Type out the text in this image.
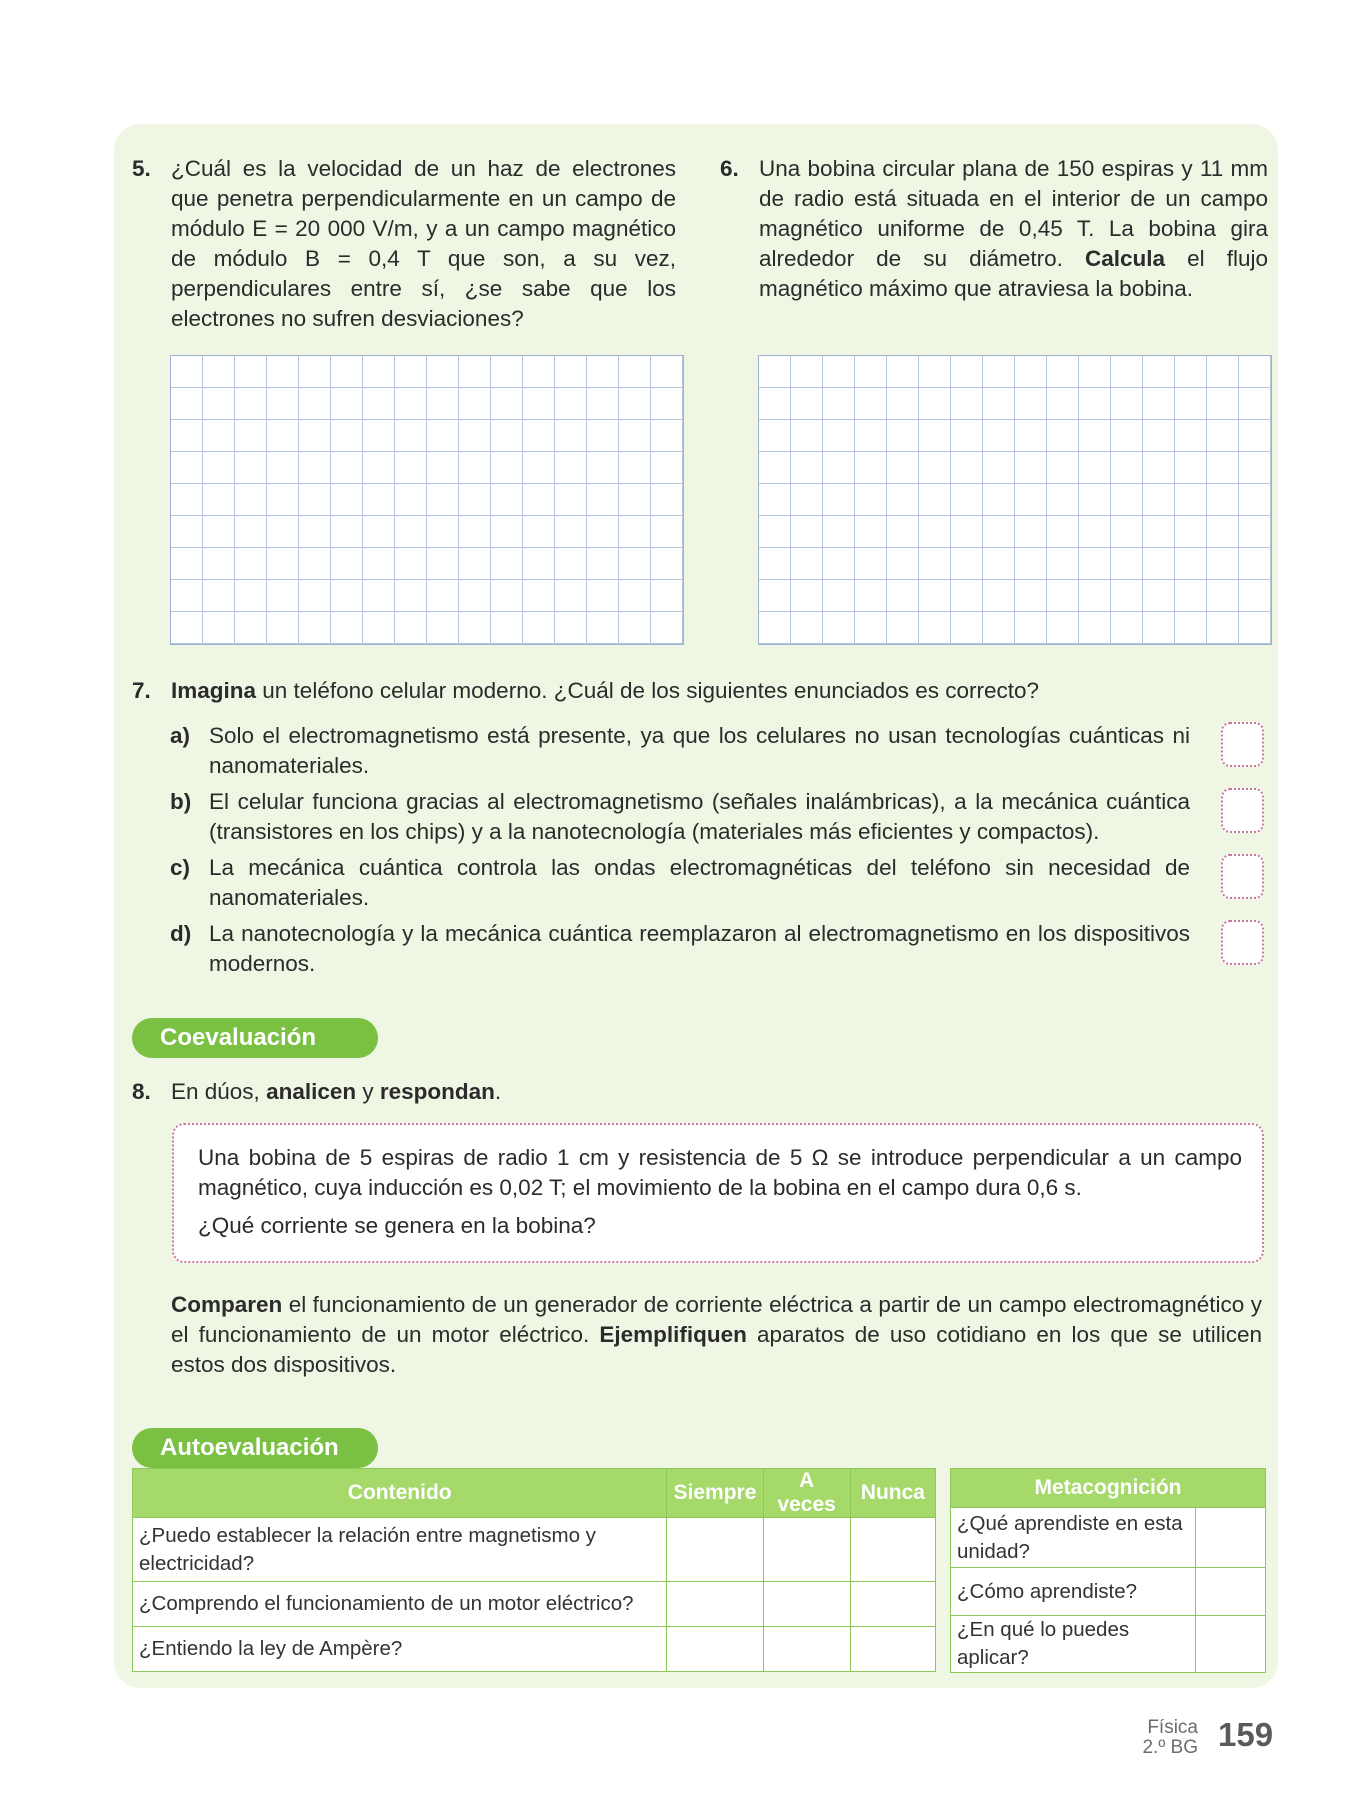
5. ¿Cuál es la velocidad de un haz de electrones que penetra perpendicularmente en un campo de módulo E = 20 000 V/m, y a un campo magnético de módulo B = 0,4 T que son, a su vez, perpendiculares entre sí, ¿se sabe que los electrones no sufren desviaciones?
6. Una bobina circular plana de 150 espiras y 11 mm de radio está situada en el interior de un campo magnético uniforme de 0,45 T. La bobina gira alrededor de su diámetro. Calcula el flujo magnético máximo que atraviesa la bobina.
7. Imagina un teléfono celular moderno. ¿Cuál de los siguientes enunciados es correcto?
a) Solo el electromagnetismo está presente, ya que los celulares no usan tecnologías cuánticas ni nanomateriales.
b) El celular funciona gracias al electromagnetismo (señales inalámbricas), a la mecánica cuántica (transistores en los chips) y a la nanotecnología (materiales más eficientes y compactos).
c) La mecánica cuántica controla las ondas electromagnéticas del teléfono sin necesidad de nanomateriales.
d) La nanotecnología y la mecánica cuántica reemplazaron al electromagnetismo en los dispositivos modernos.
Coevaluación
8. En dúos, analicen y respondan.

Una bobina de 5 espiras de radio 1 cm y resistencia de 5 Ω se introduce perpendicular a un campo magnético, cuya inducción es 0,02 T; el movimiento de la bobina en el campo dura 0,6 s.

¿Qué corriente se genera en la bobina?

Comparen el funcionamiento de un generador de corriente eléctrica a partir de un campo electromagnético y el funcionamiento de un motor eléctrico. Ejemplifiquen aparatos de uso cotidiano en los que se utilicen estos dos dispositivos.
Autoevaluación
Contenido	Siempre	A veces	Nunca
¿Puedo establecer la relación entre magnetismo y electricidad?			
¿Comprendo el funcionamiento de un motor eléctrico?			
¿Entiendo la ley de Ampère?			
Metacognición	
¿Qué aprendiste en esta unidad?	
¿Cómo aprendiste?	
¿En qué lo puedes aplicar?	
Física
2.º BG 159
